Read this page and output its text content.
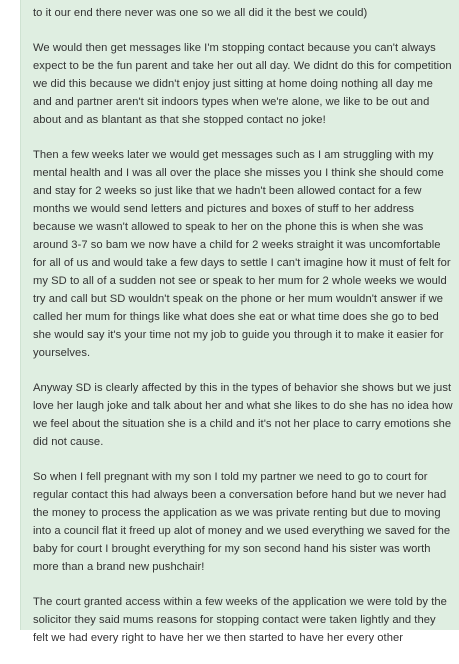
to it our end there never was one so we all did it the best we could)

We would then get messages like I'm stopping contact because you can't always expect to be the fun parent and take her out all day. We didnt do this for competition we did this because we didn't enjoy just sitting at home doing nothing all day me and and partner aren't sit indoors types when we're alone, we like to be out and about and as blantant as that she stopped contact no joke!

Then a few weeks later we would get messages such as I am struggling with my mental health and I was all over the place she misses you I think she should come and stay for 2 weeks so just like that we hadn't been allowed contact for a few months we would send letters and pictures and boxes of stuff to her address because we wasn't allowed to speak to her on the phone this is when she was around 3-7 so bam we now have a child for 2 weeks straight it was uncomfortable for all of us and would take a few days to settle I can't imagine how it must of felt for my SD to all of a sudden not see or speak to her mum for 2 whole weeks we would try and call but SD wouldn't speak on the phone or her mum wouldn't answer if we called her mum for things like what does she eat or what time does she go to bed she would say it's your time not my job to guide you through it to make it easier for yourselves.

Anyway SD is clearly affected by this in the types of behavior she shows but we just love her laugh joke and talk about her and what she likes to do she has no idea how we feel about the situation she is a child and it's not her place to carry emotions she did not cause.

So when I fell pregnant with my son I told my partner we need to go to court for regular contact this had always been a conversation before hand but we never had the money to process the application as we was private renting but due to moving into a council flat it freed up alot of money and we used everything we saved for the baby for court I brought everything for my son second hand his sister was worth more than a brand new pushchair!

The court granted access within a few weeks of the application we were told by the solicitor they said mums reasons for stopping contact were taken lightly and they felt we had every right to have her we then started to have her every other
